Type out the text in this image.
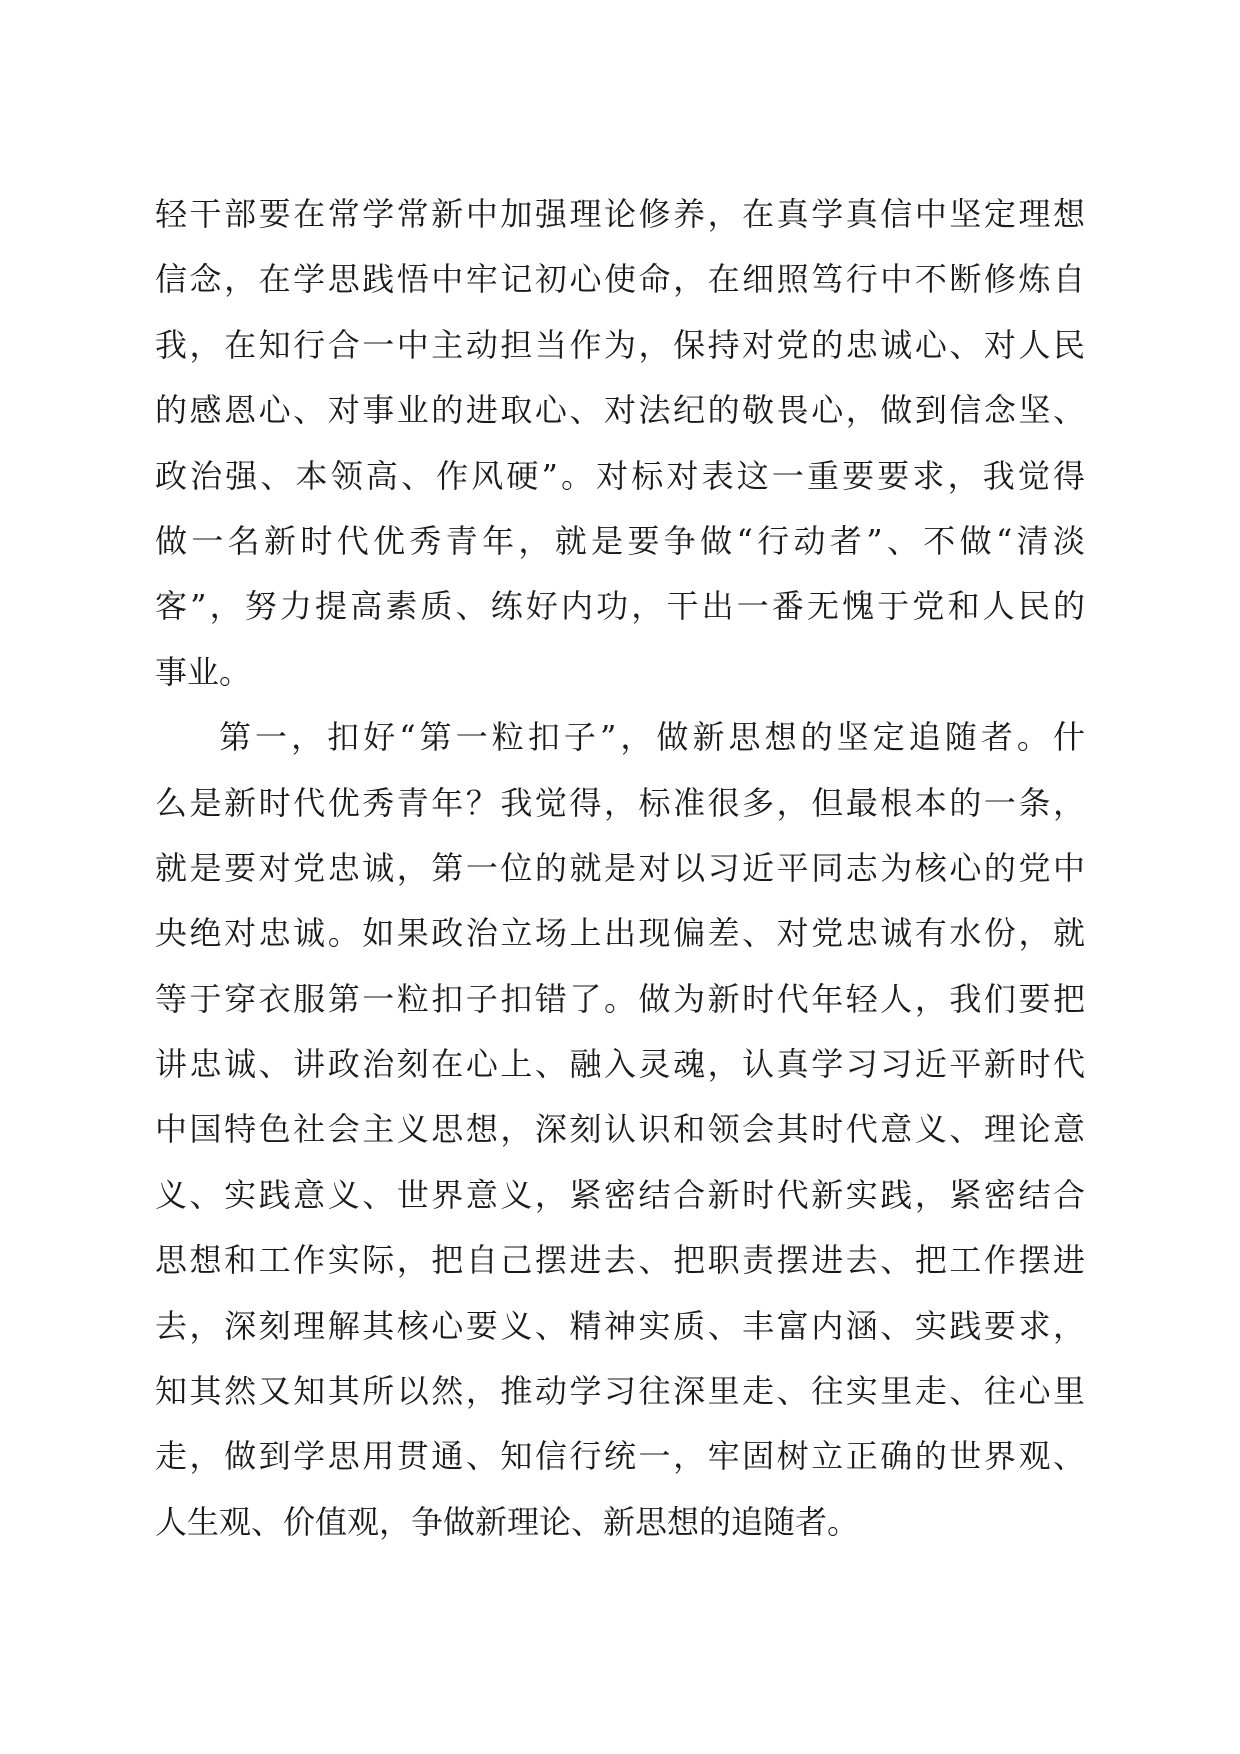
轻干部要在常学常新中加强理论修养，在真学真信中坚定理想
信念，在学思践悟中牢记初心使命，在细照笃行中不断修炼自
我，在知行合一中主动担当作为，保持对党的忠诚心、对人民
的感恩心、对事业的进取心、对法纪的敬畏心，做到信念坚、
政治强、本领高、作风硬”。对标对表这一重要要求，我觉得
做一名新时代优秀青年，就是要争做“行动者”、不做“清淡
客”，努力提高素质、练好内功，干出一番无愧于党和人民的
事业。
第一，扣好“第一粒扣子”，做新思想的坚定追随者。什
么是新时代优秀青年？我觉得，标准很多，但最根本的一条，
就是要对党忠诚，第一位的就是对以习近平同志为核心的党中
央绝对忠诚。如果政治立场上出现偏差、对党忠诚有水份，就
等于穿衣服第一粒扣子扣错了。做为新时代年轻人，我们要把
讲忠诚、讲政治刻在心上、融入灵魂，认真学习习近平新时代
中国特色社会主义思想，深刻认识和领会其时代意义、理论意
义、实践意义、世界意义，紧密结合新时代新实践，紧密结合
思想和工作实际，把自己摆进去、把职责摆进去、把工作摆进
去，深刻理解其核心要义、精神实质、丰富内涵、实践要求，
知其然又知其所以然，推动学习往深里走、往实里走、往心里
走，做到学思用贯通、知信行统一，牢固树立正确的世界观、
人生观、价值观，争做新理论、新思想的追随者。
